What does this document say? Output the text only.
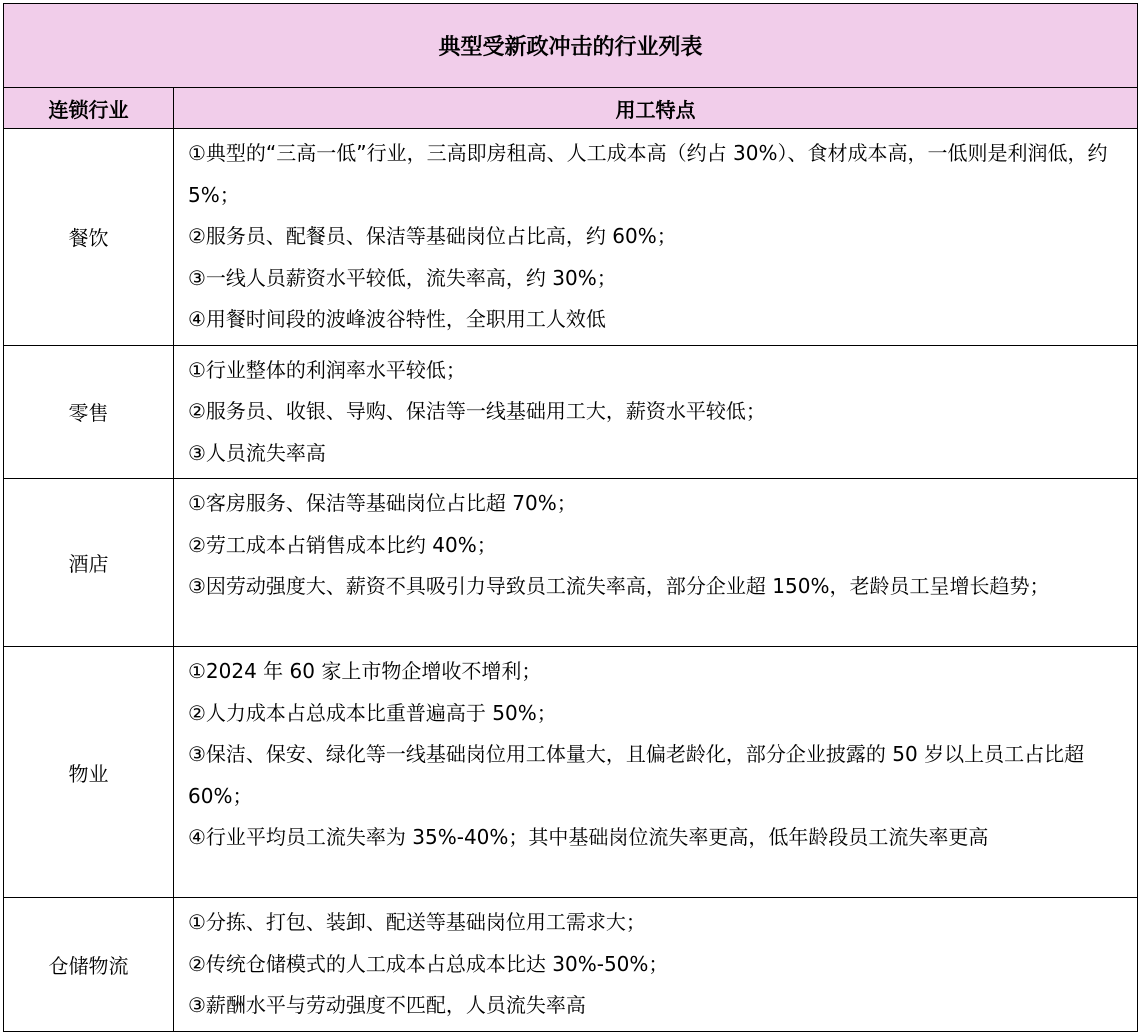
典型受新政冲击的行业列表	
连锁行业	用工特点
餐饮	①典型的“三高一低”行业，三高即房租高、人工成本高（约占 30%）、食材成本高，一低则是利润低，约 5%；
②服务员、配餐员、保洁等基础岗位占比高，约 60%；
③一线人员薪资水平较低，流失率高，约 30%；
④用餐时间段的波峰波谷特性，全职用工人效低

零售	①行业整体的利润率水平较低；
②服务员、收银、导购、保洁等一线基础用工大，薪资水平较低；
③人员流失率高

酒店	①客房服务、保洁等基础岗位占比超 70%；
②劳工成本占销售成本比约 40%；
③因劳动强度大、薪资不具吸引力导致员工流失率高，部分企业超 150%，老龄员工呈增长趋势；

物业	①2024 年 60 家上市物企增收不增利；
②人力成本占总成本比重普遍高于 50%；
③保洁、保安、绿化等一线基础岗位用工体量大，且偏老龄化，部分企业披露的 50 岁以上员工占比超 60%；
④行业平均员工流失率为 35%-40%；其中基础岗位流失率更高，低年龄段员工流失率更高

仓储物流	①分拣、打包、装卸、配送等基础岗位用工需求大；
②传统仓储模式的人工成本占总成本比达 30%-50%；
③薪酬水平与劳动强度不匹配，人员流失率高
